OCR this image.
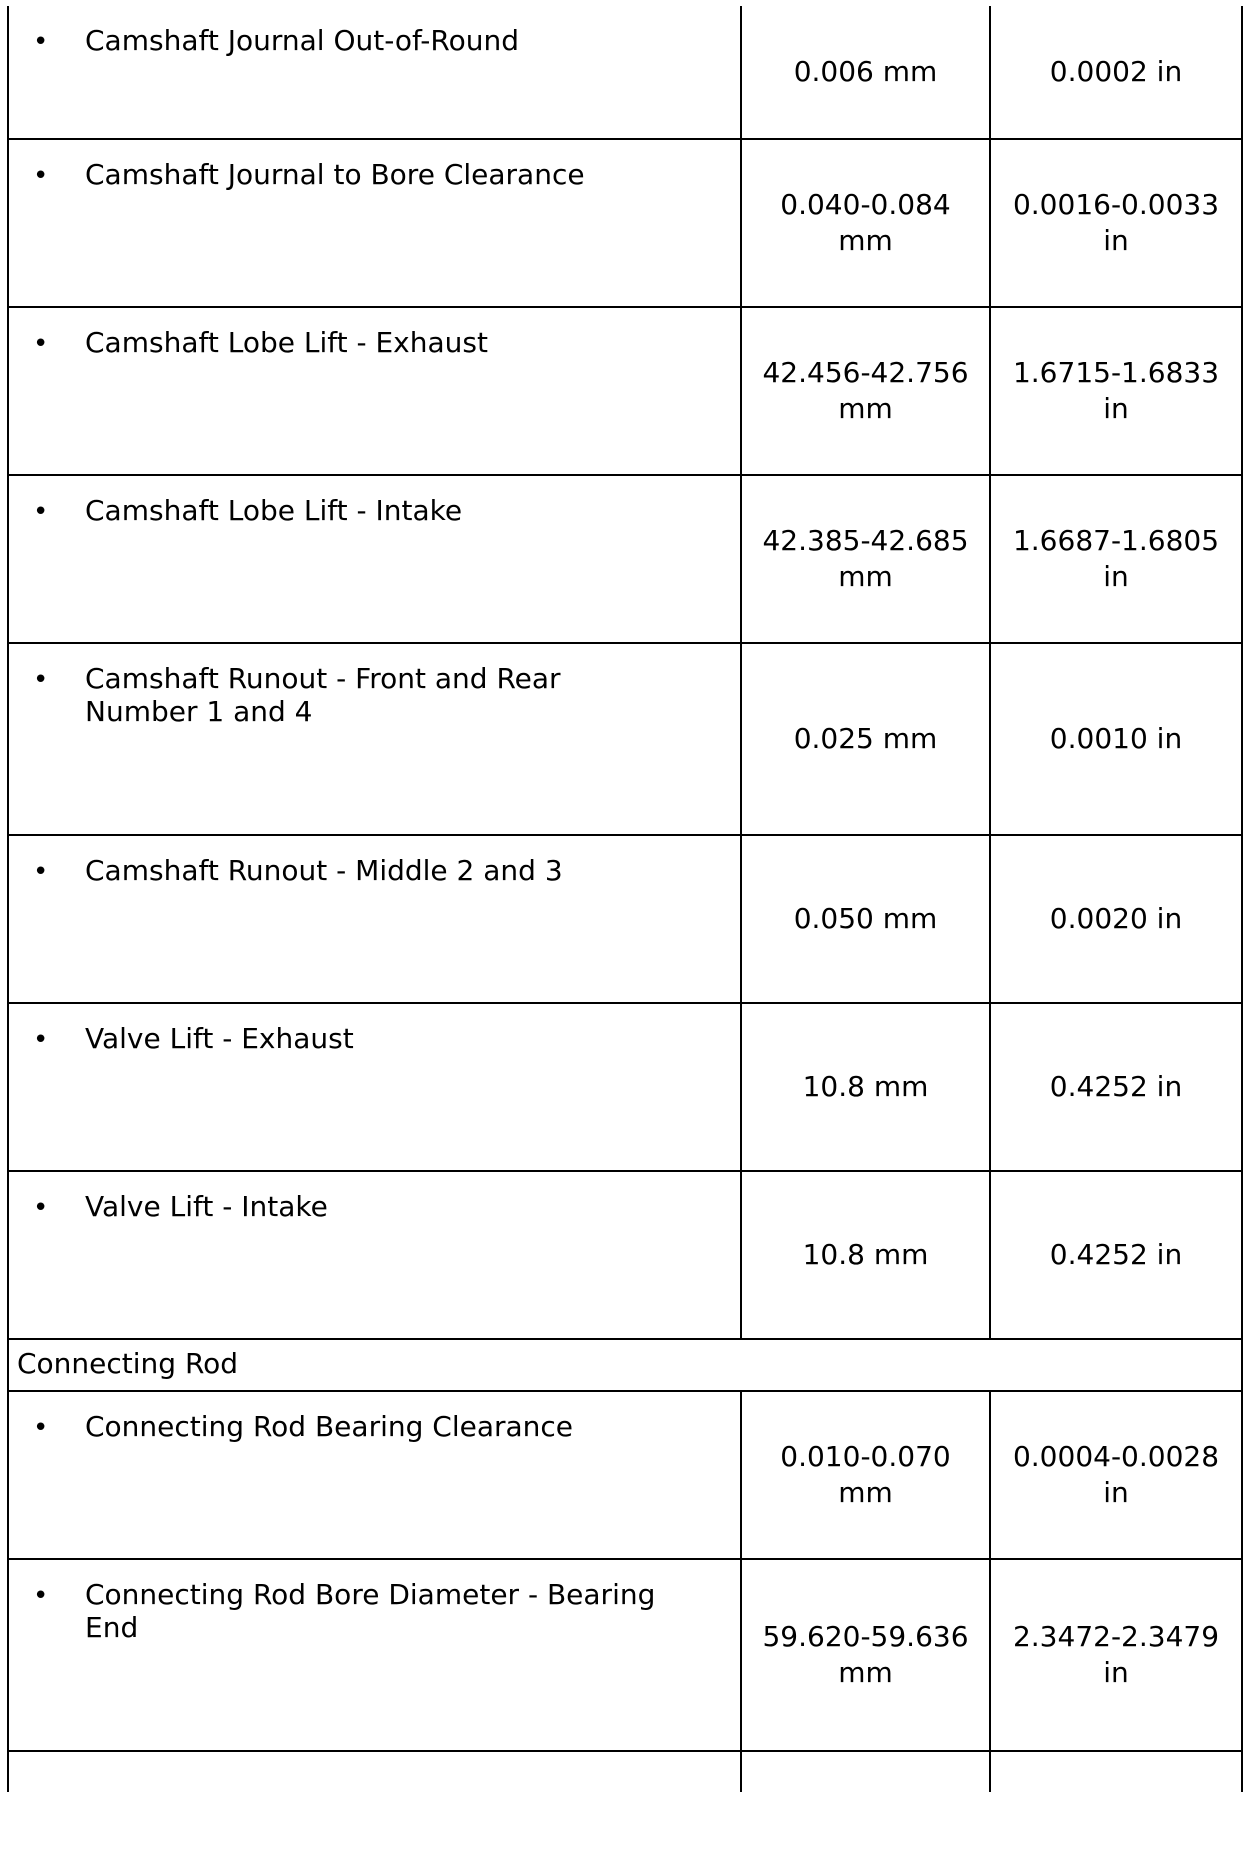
• Camshaft Journal Out-of-Round	0.006 mm	0.0002 in

• Camshaft Journal to Bore Clearance	0.040-0.084 mm	0.0016-0.0033 in

• Camshaft Lobe Lift - Exhaust	42.456-42.756 mm	1.6715-1.6833 in

• Camshaft Lobe Lift - Intake	42.385-42.685 mm	1.6687-1.6805 in

• Camshaft Runout - Front and Rear Number 1 and 4	0.025 mm	0.0010 in

• Camshaft Runout - Middle 2 and 3	0.050 mm	0.0020 in

• Valve Lift - Exhaust	10.8 mm	0.4252 in

• Valve Lift - Intake	10.8 mm	0.4252 in
Connecting Rod		

• Connecting Rod Bearing Clearance	0.010-0.070 mm	0.0004-0.0028 in

• Connecting Rod Bore Diameter - Bearing End	59.620-59.636 mm	2.3472-2.3479 in
